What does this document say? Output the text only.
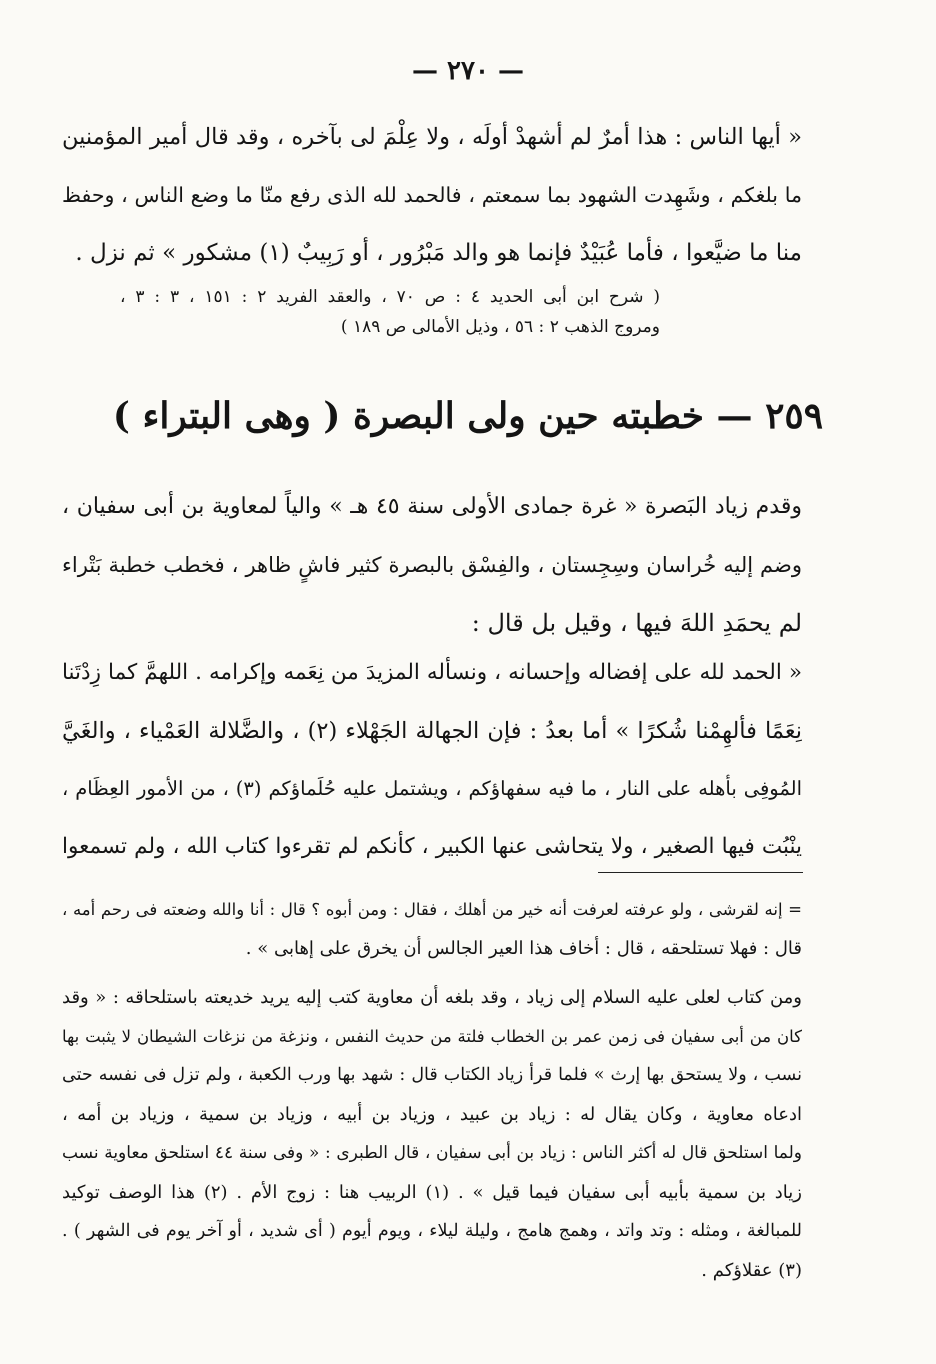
— ٢٧٠ —
« أيها الناس : هذا أمرٌ لم أشهدْ أولَه ، ولا عِلْمَ لى بآخره ، وقد قال أمير المؤمنين
ما بلغكم ، وشَهِدت الشهود بما سمعتم ، فالحمد لله الذى رفع منّا ما وضع الناس ، وحفظ
منا ما ضيَّعوا ، فأما عُبَيْدٌ فإنما هو والد مَبْرُور ، أو رَبِيبٌ (١) مشكور » ثم نزل .
( شرح ابن أبى الحديد ٤ : ص ٧٠ ، والعقد الفريد ٢ : ١٥١ ، ٣ : ٣ ،
ومروج الذهب ٢ : ٥٦ ، وذيل الأمالى ص ١٨٩ )
٢٥٩ — خطبته حين ولى البصرة ( وهى البتراء )
وقدم زياد البَصرة « غرة جمادى الأولى سنة ٤٥ هـ » والياً لمعاوية بن أبى سفيان ،
وضم إليه خُراسان وسِجِستان ، والفِسْق بالبصرة كثير فاشٍ ظاهر ، فخطب خطبة بَتْراء
لم يحمَدِ اللهَ فيها ، وقيل بل قال :
« الحمد لله على إفضاله وإحسانه ، ونسأله المزيدَ من نِعَمه وإكرامه . اللهمَّ كما زِدْتَنا
نِعَمًا فألهِمْنا شُكرًا » أما بعدُ : فإن الجهالة الجَهْلاء (٢) ، والضَّلالة العَمْياء ، والغَيَّ
المُوفِى بأهله على النار ، ما فيه سفهاؤكم ، ويشتمل عليه حُلَماؤكم (٣) ، من الأمور العِظَام ،
ينْبُت فيها الصغير ، ولا يتحاشى عنها الكبير ، كأنكم لم تقرءوا كتاب الله ، ولم تسمعوا
= إنه لقرشى ، ولو عرفته لعرفت أنه خير من أهلك ، فقال : ومن أبوه ؟ قال : أنا والله وضعته فى رحم أمه ،
قال : فهلا تستلحقه ، قال : أخاف هذا العير الجالس أن يخرق على إهابى » .
ومن كتاب لعلى عليه السلام إلى زياد ، وقد بلغه أن معاوية كتب إليه يريد خديعته باستلحاقه : « وقد
كان من أبى سفيان فى زمن عمر بن الخطاب فلتة من حديث النفس ، ونزغة من نزغات الشيطان لا يثبت بها
نسب ، ولا يستحق بها إرث » فلما قرأ زياد الكتاب قال : شهد بها ورب الكعبة ، ولم تزل فى نفسه حتى
ادعاه معاوية ، وكان يقال له : زياد بن عبيد ، وزياد بن أبيه ، وزياد بن سمية ، وزياد بن أمه ،
ولما استلحق قال له أكثر الناس : زياد بن أبى سفيان ، قال الطبرى : « وفى سنة ٤٤ استلحق معاوية نسب
زياد بن سمية بأبيه أبى سفيان فيما قيل » . (١) الربيب هنا : زوج الأم . (٢) هذا الوصف توكيد
للمبالغة ، ومثله : وتد واتد ، وهمج هامج ، وليلة ليلاء ، ويوم أيوم ( أى شديد ، أو آخر يوم فى الشهر ) .
(٣) عقلاؤكم .
